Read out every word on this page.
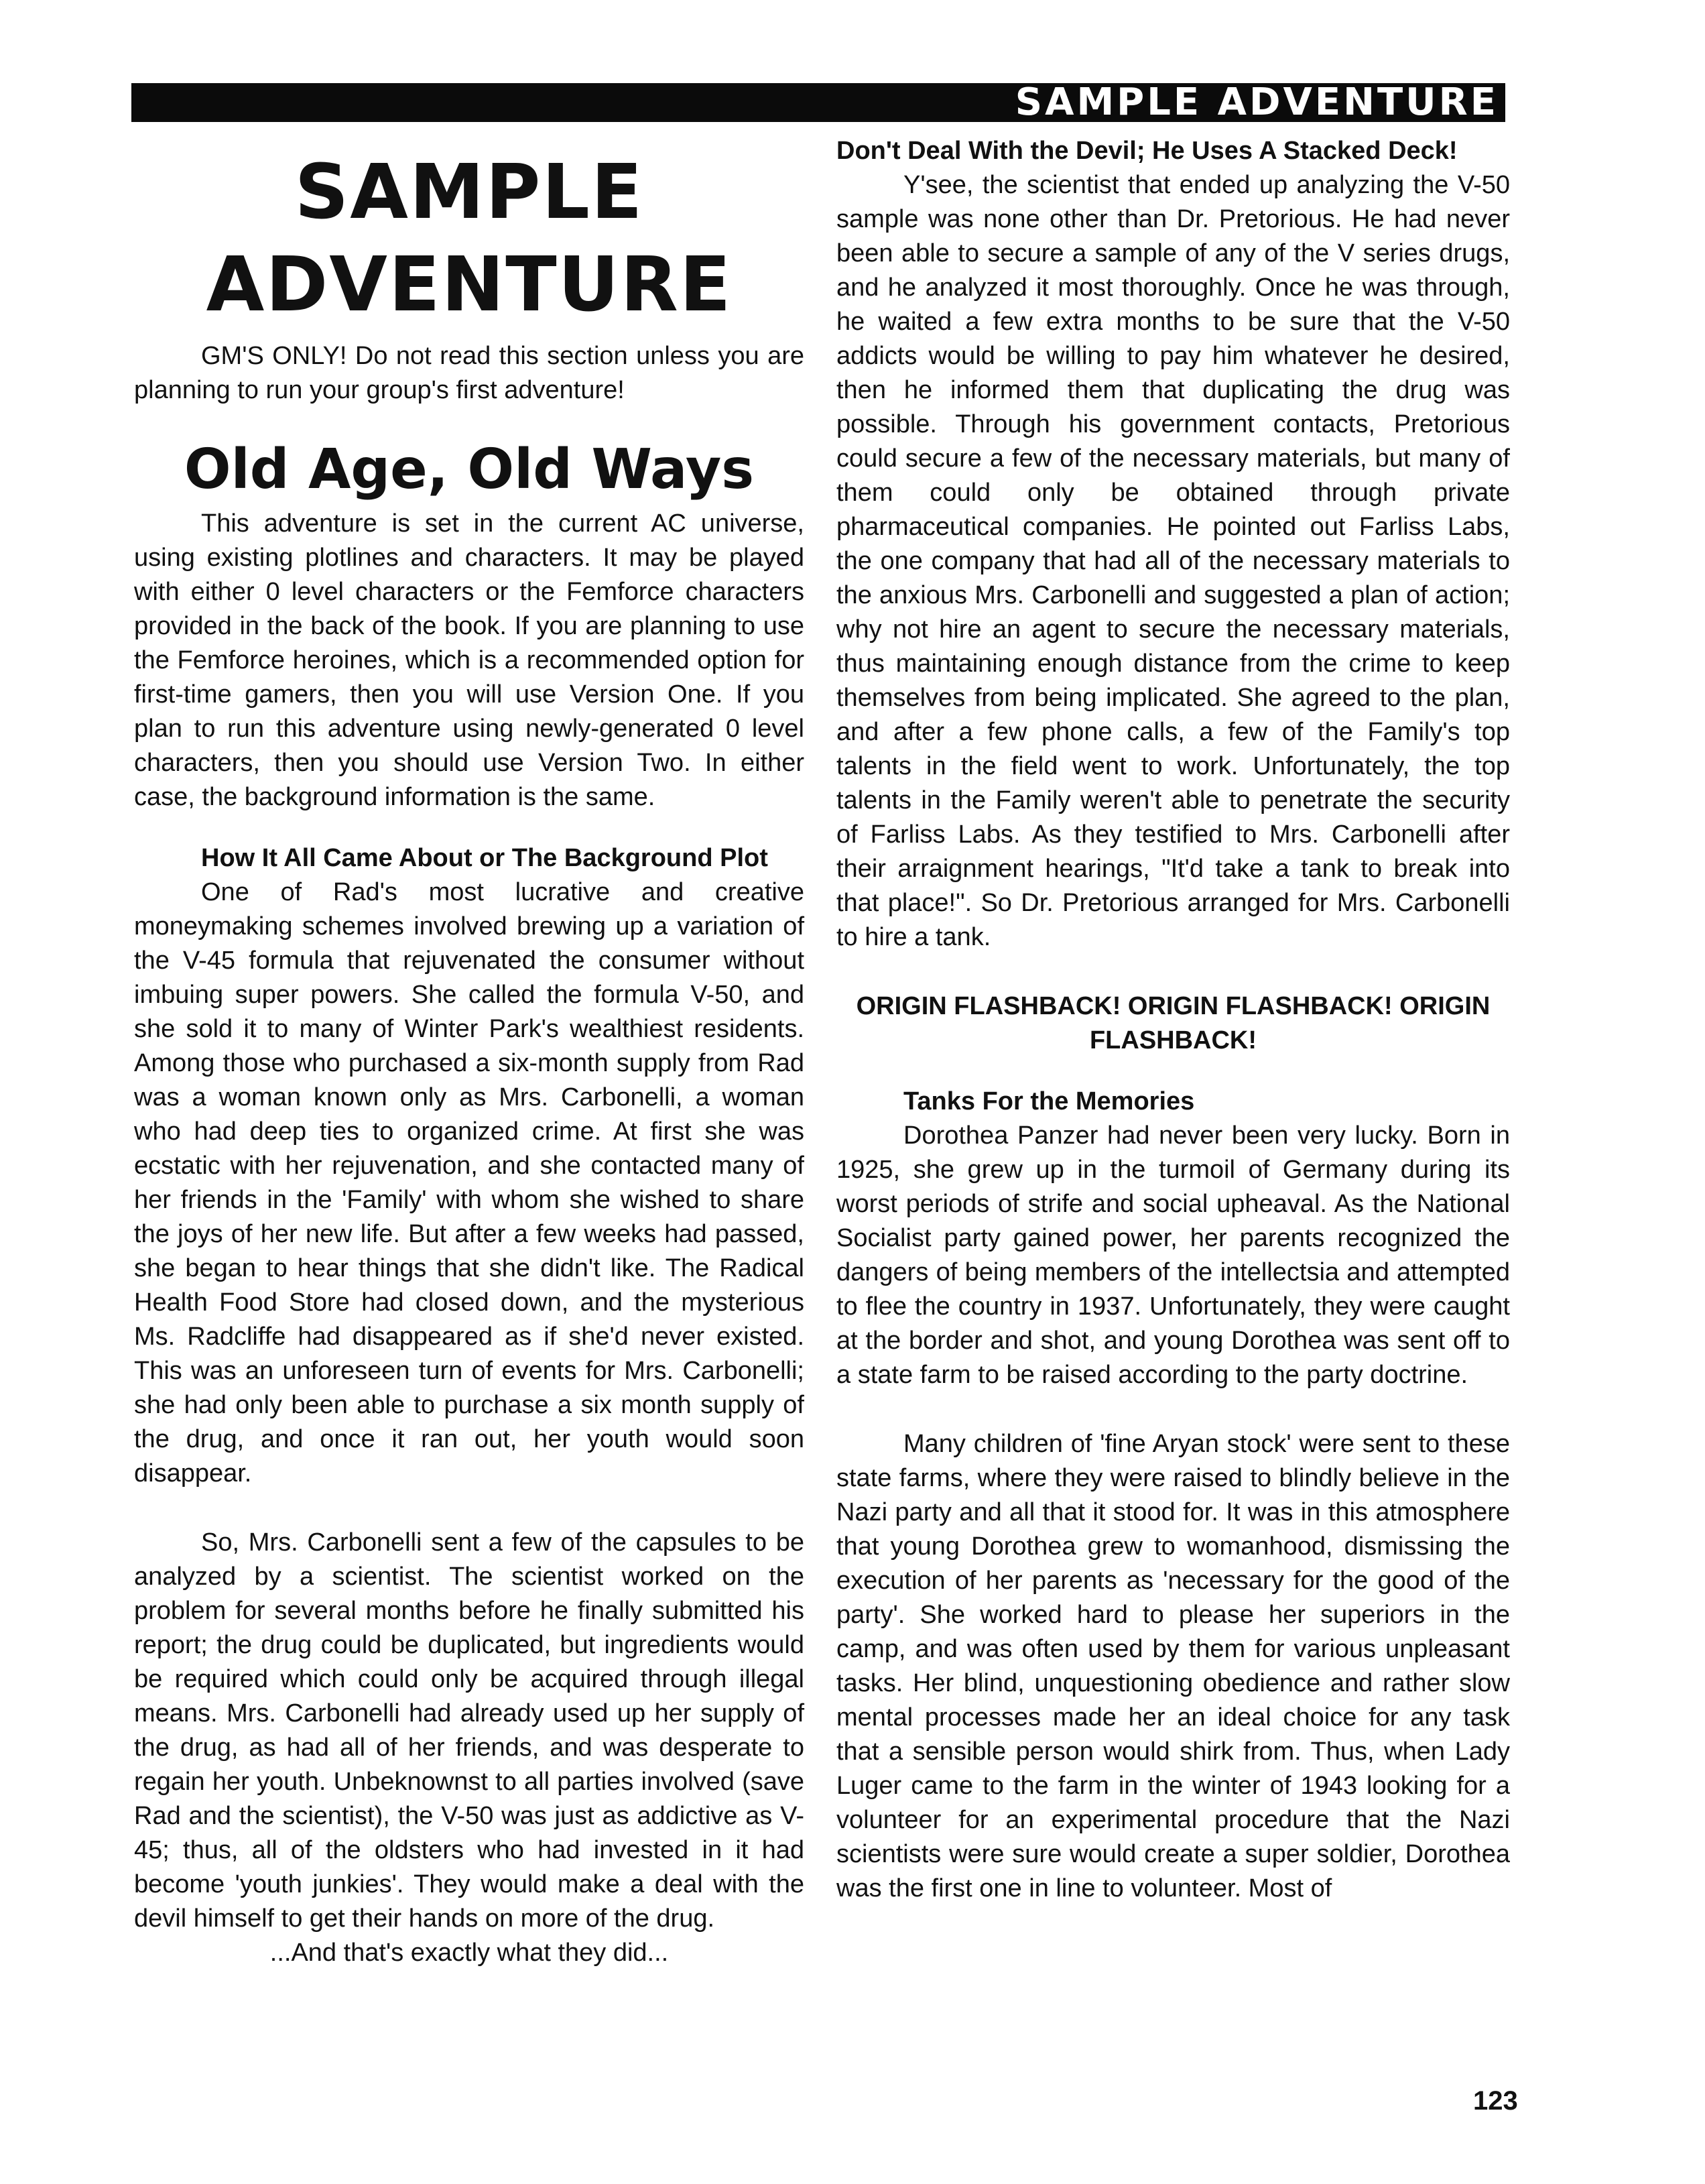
SAMPLE ADVENTURE
SAMPLE ADVENTURE

GM'S ONLY! Do not read this section unless you are planning to run your group's first adventure!

Old Age, Old Ways

This adventure is set in the current AC universe, using existing plotlines and characters. It may be played with either 0 level characters or the Femforce characters provided in the back of the book. If you are planning to use the Femforce heroines, which is a recommended option for first-time gamers, then you will use Version One. If you plan to run this adventure using newly-generated 0 level characters, then you should use Version Two. In either case, the background information is the same.

How It All Came About or The Background Plot

One of Rad's most lucrative and creative moneymaking schemes involved brewing up a variation of the V-45 formula that rejuvenated the consumer without imbuing super powers. She called the formula V-50, and she sold it to many of Winter Park's wealthiest residents. Among those who purchased a six-month supply from Rad was a woman known only as Mrs. Carbonelli, a woman who had deep ties to organized crime. At first she was ecstatic with her rejuvenation, and she contacted many of her friends in the 'Family' with whom she wished to share the joys of her new life. But after a few weeks had passed, she began to hear things that she didn't like. The Radical Health Food Store had closed down, and the mysterious Ms. Radcliffe had disappeared as if she'd never existed. This was an unforeseen turn of events for Mrs. Carbonelli; she had only been able to purchase a six month supply of the drug, and once it ran out, her youth would soon disappear.

So, Mrs. Carbonelli sent a few of the capsules to be analyzed by a scientist. The scientist worked on the problem for several months before he finally submitted his report; the drug could be duplicated, but ingredients would be required which could only be acquired through illegal means. Mrs. Carbonelli had already used up her supply of the drug, as had all of her friends, and was desperate to regain her youth. Unbeknownst to all parties involved (save Rad and the scientist), the V-50 was just as addictive as V-45; thus, all of the oldsters who had invested in it had become 'youth junkies'. They would make a deal with the devil himself to get their hands on more of the drug.

...And that's exactly what they did...

Don't Deal With the Devil; He Uses A Stacked Deck!

Y'see, the scientist that ended up analyzing the V-50 sample was none other than Dr. Pretorious. He had never been able to secure a sample of any of the V series drugs, and he analyzed it most thoroughly. Once he was through, he waited a few extra months to be sure that the V-50 addicts would be willing to pay him whatever he desired, then he informed them that duplicating the drug was possible. Through his government contacts, Pretorious could secure a few of the necessary materials, but many of them could only be obtained through private pharmaceutical companies. He pointed out Farliss Labs, the one company that had all of the necessary materials to the anxious Mrs. Carbonelli and suggested a plan of action; why not hire an agent to secure the necessary materials, thus maintaining enough distance from the crime to keep themselves from being implicated. She agreed to the plan, and after a few phone calls, a few of the Family's top talents in the field went to work. Unfortunately, the top talents in the Family weren't able to penetrate the security of Farliss Labs. As they testified to Mrs. Carbonelli after their arraignment hearings, "It'd take a tank to break into that place!". So Dr. Pretorious arranged for Mrs. Carbonelli to hire a tank.

ORIGIN FLASHBACK! ORIGIN FLASHBACK! ORIGIN FLASHBACK!

Tanks For the Memories

Dorothea Panzer had never been very lucky. Born in 1925, she grew up in the turmoil of Germany during its worst periods of strife and social upheaval. As the National Socialist party gained power, her parents recognized the dangers of being members of the intellectsia and attempted to flee the country in 1937. Unfortunately, they were caught at the border and shot, and young Dorothea was sent off to a state farm to be raised according to the party doctrine.

Many children of 'fine Aryan stock' were sent to these state farms, where they were raised to blindly believe in the Nazi party and all that it stood for. It was in this atmosphere that young Dorothea grew to womanhood, dismissing the execution of her parents as 'necessary for the good of the party'. She worked hard to please her superiors in the camp, and was often used by them for various unpleasant tasks. Her blind, unquestioning obedience and rather slow mental processes made her an ideal choice for any task that a sensible person would shirk from. Thus, when Lady Luger came to the farm in the winter of 1943 looking for a volunteer for an experimental procedure that the Nazi scientists were sure would create a super soldier, Dorothea was the first one in line to volunteer. Most of

123
